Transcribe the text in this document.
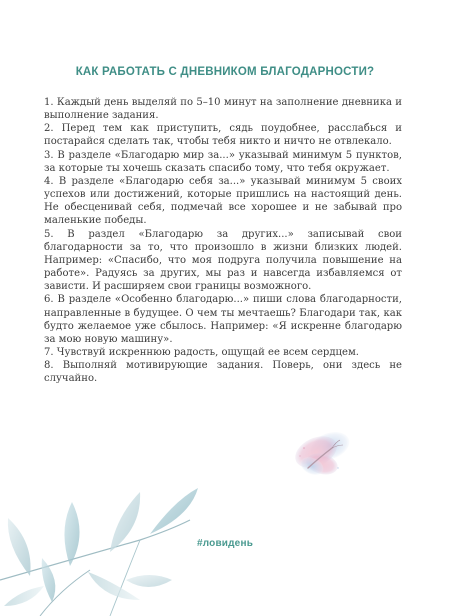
КАК РАБОТАТЬ С ДНЕВНИКОМ БЛАГОДАРНОСТИ?

1. Каждый день выделяй по 5–10 минут на заполнение дневника и выполнение задания.

2. Перед тем как приступить, сядь поудобнее, расслабься и постарайся сделать так, чтобы тебя никто и ничто не отвлекало.

3. В разделе «Благодарю мир за...» указывай минимум 5 пунктов, за которые ты хочешь сказать спасибо тому, что тебя окружает.

4. В разделе «Благодарю себя за...» указывай минимум 5 своих успехов или достижений, которые пришлись на настоящий день. Не обесценивай себя, подмечай все хорошее и не забывай про маленькие победы.

5. В раздел «Благодарю за других...» записывай свои благодарности за то, что произошло в жизни близких людей. Например: «Спасибо, что моя подруга получила повышение на работе». Радуясь за других, мы раз и навсегда избавляемся от зависти. И расширяем свои границы возможного.

6. В разделе «Особенно благодарю...» пиши слова благодарности, направленные в будущее. О чем ты мечтаешь? Благодари так, как будто желаемое уже сбылось. Например: «Я искренне благодарю за мою новую машину».

7. Чувствуй искреннюю радость, ощущай ее всем сердцем.

8. Выполняй мотивирующие задания. Поверь, они здесь не случайно.

#ловидень
